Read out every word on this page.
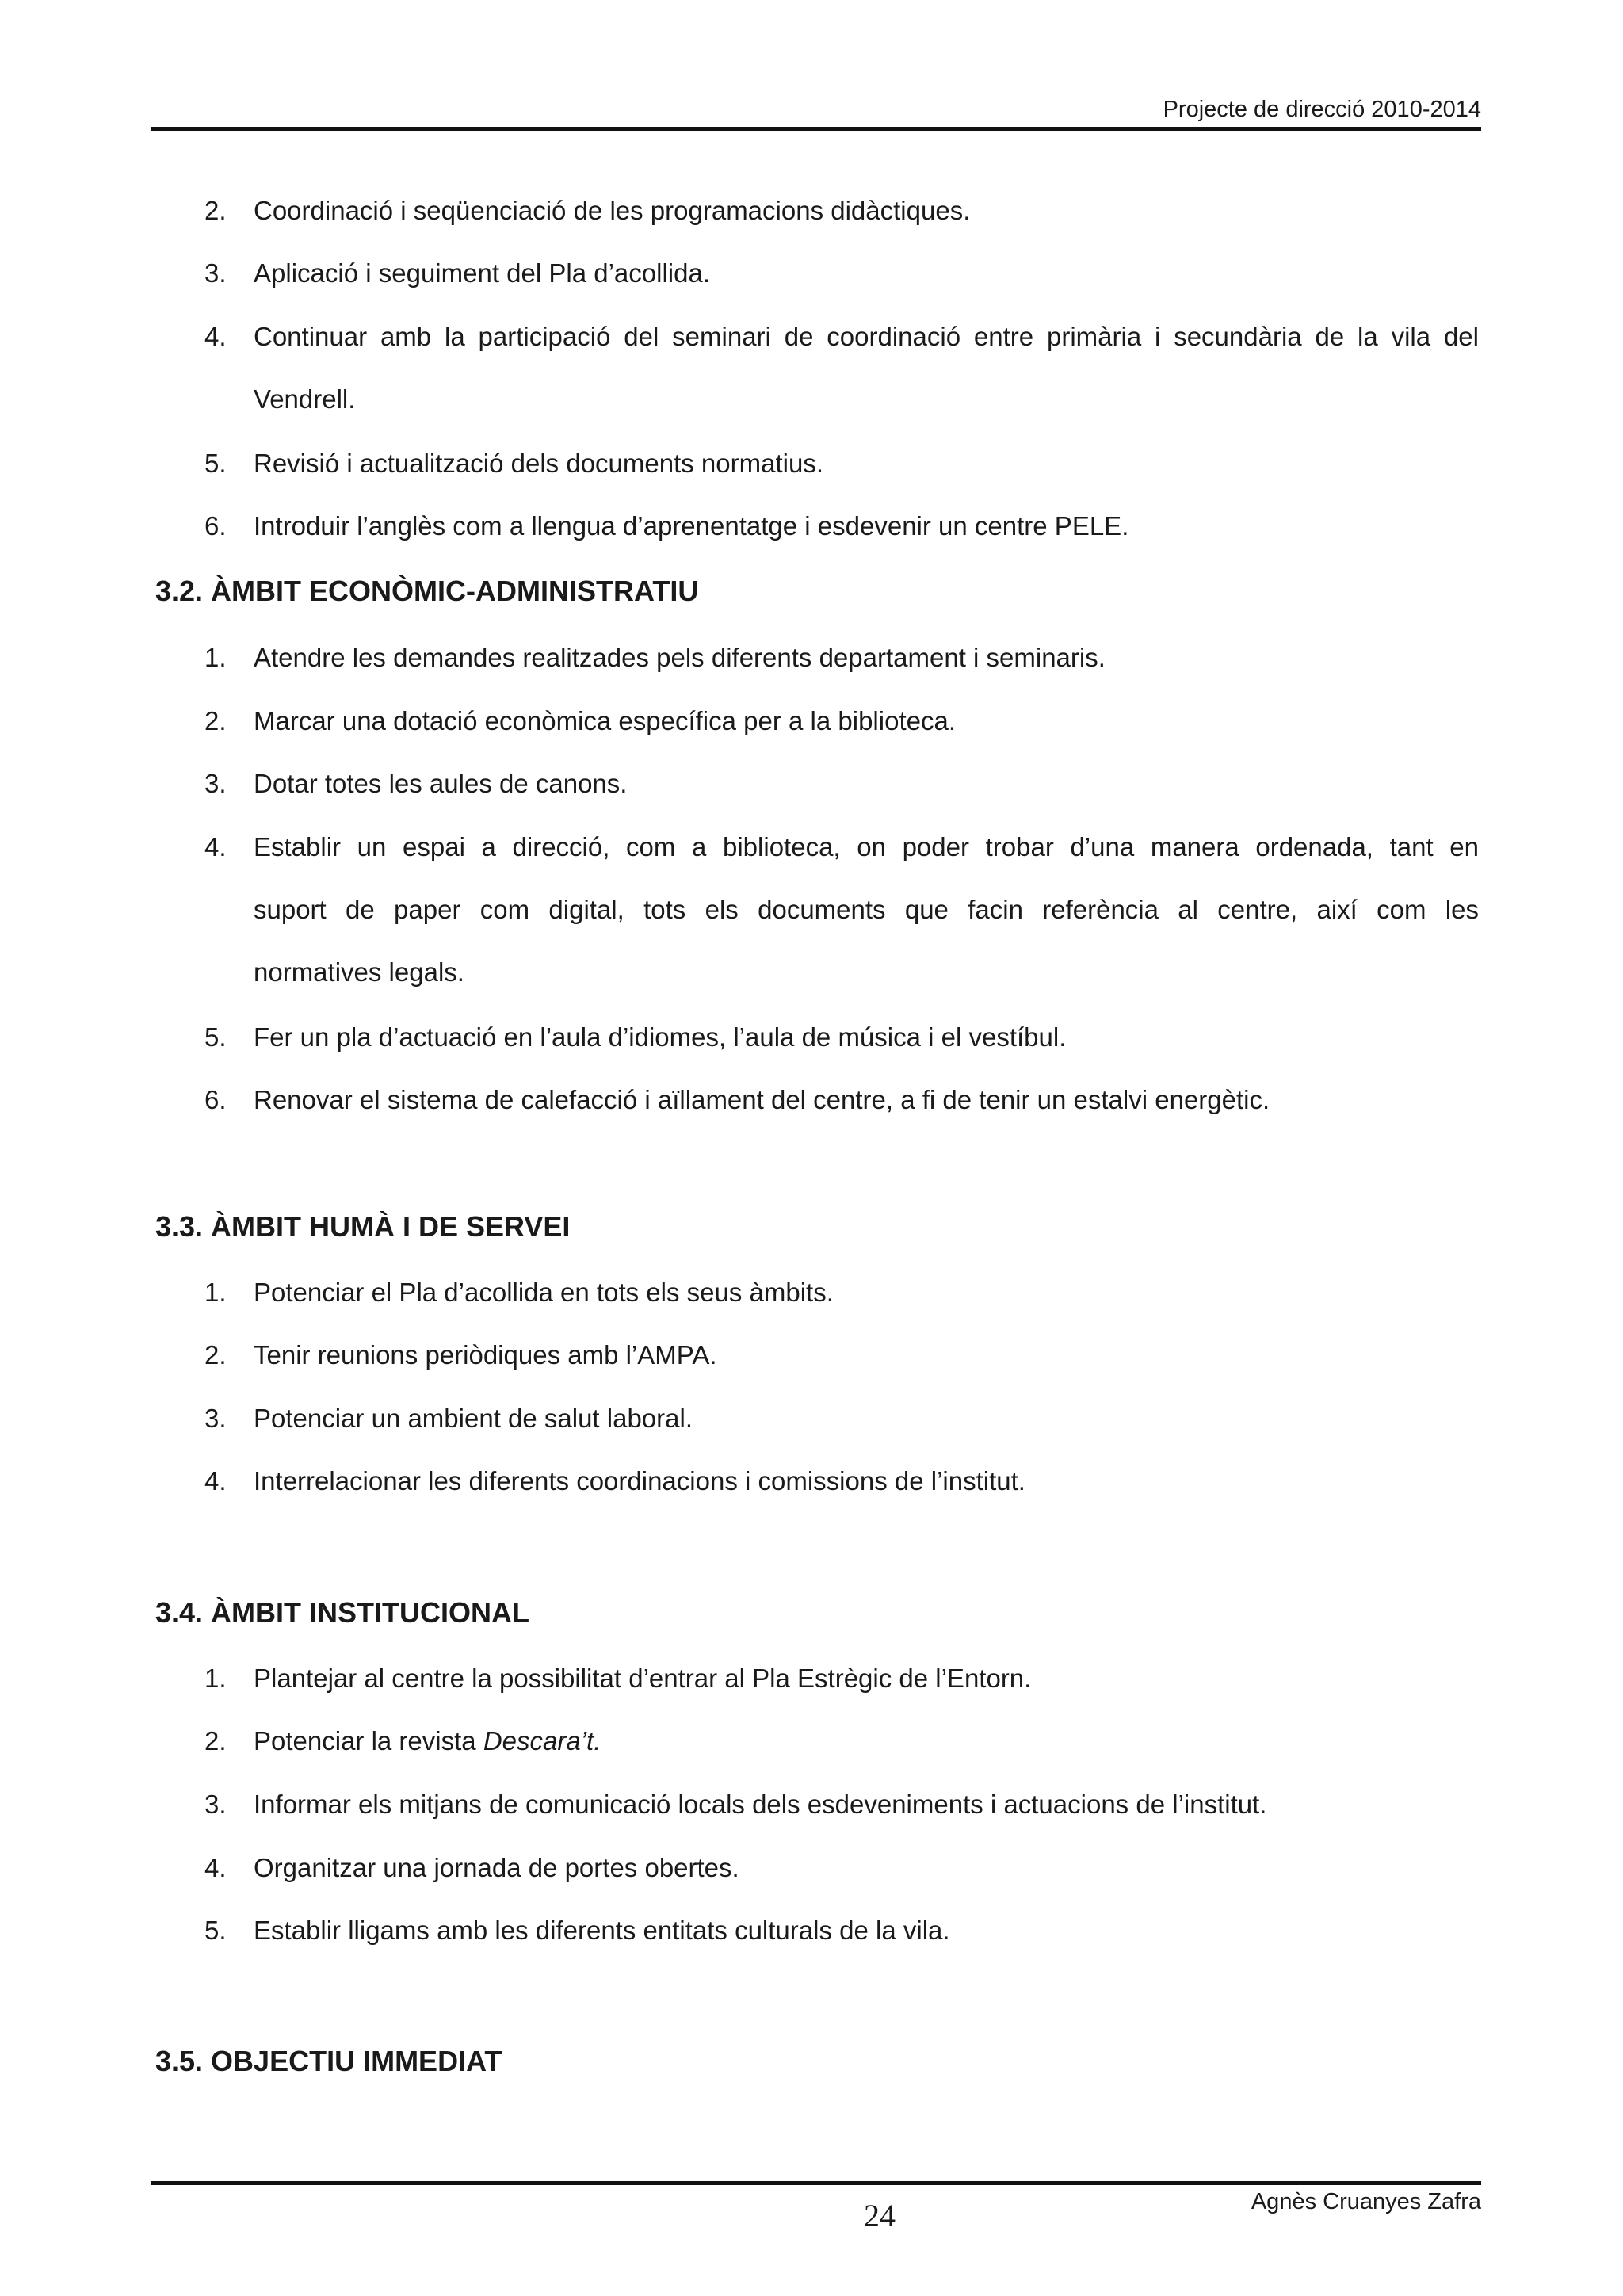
Projecte de direcció 2010-2014
2. Coordinació i seqüenciació de les programacions didàctiques.
3. Aplicació i seguiment del Pla d’acollida.
4. Continuar amb la participació del seminari de coordinació entre primària i secundària de la vila del
Vendrell.
5. Revisió i actualització dels documents normatius.
6. Introduir l’anglès com a llengua d’aprenentatge i esdevenir un centre PELE.
3.2. ÀMBIT ECONÒMIC-ADMINISTRATIU
1. Atendre les demandes realitzades pels diferents departament i seminaris.
2. Marcar una dotació econòmica específica per a la biblioteca.
3. Dotar totes les aules de canons.
4. Establir un espai a direcció, com a biblioteca, on poder trobar d’una manera ordenada, tant en
suport de paper com digital, tots els documents que facin referència al centre, així com les
normatives legals.
5. Fer un pla d’actuació en l’aula d’idiomes, l’aula de música i el vestíbul.
6. Renovar el sistema de calefacció i aïllament del centre, a fi de tenir un estalvi energètic.
3.3. ÀMBIT HUMÀ I DE SERVEI
1. Potenciar el Pla d’acollida en tots els seus àmbits.
2. Tenir reunions periòdiques amb l’AMPA.
3. Potenciar un ambient de salut laboral.
4. Interrelacionar les diferents coordinacions i comissions de l’institut.
3.4. ÀMBIT INSTITUCIONAL
1. Plantejar al centre la possibilitat d’entrar al Pla Estrègic de l’Entorn.
2. Potenciar la revista Descara’t.
3. Informar els mitjans de comunicació locals dels esdeveniments i actuacions de l’institut.
4. Organitzar una jornada de portes obertes.
5. Establir lligams amb les diferents entitats culturals de la vila.
3.5. OBJECTIU IMMEDIAT
Agnès Cruanyes Zafra
24
